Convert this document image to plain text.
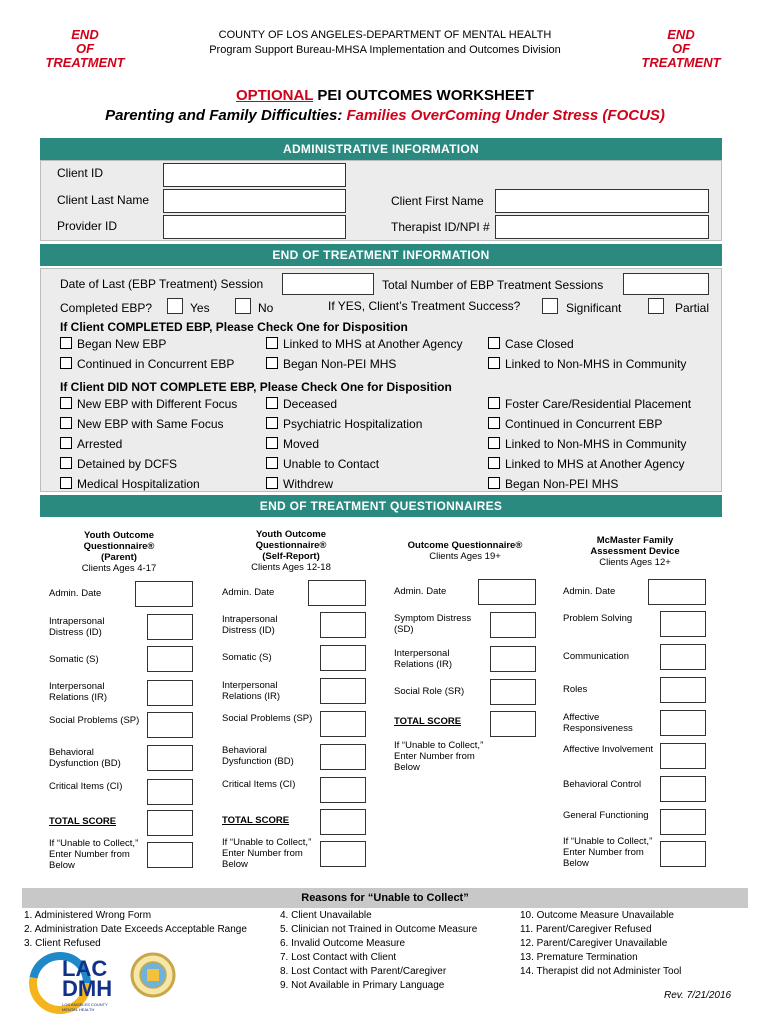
END
OF
TREATMENT
END
OF
TREATMENT
COUNTY OF LOS ANGELES-DEPARTMENT OF MENTAL HEALTH
Program Support Bureau-MHSA Implementation and Outcomes Division
OPTIONAL PEI OUTCOMES WORKSHEET
Parenting and Family Difficulties: Families OverComing Under Stress (FOCUS)
ADMINISTRATIVE INFORMATION
Client ID
Client Last Name	Client First Name
Provider ID	Therapist ID/NPI #
END OF TREATMENT INFORMATION
Date of Last (EBP Treatment) Session	Total Number of EBP Treatment Sessions
Completed EBP?	Yes	No	If YES, Client’s Treatment Success?	Significant	Partial
If Client COMPLETED EBP, Please Check One for Disposition
Began New EBP	Linked to MHS at Another Agency	Case Closed
Continued in Concurrent EBP	Began Non-PEI MHS	Linked to Non-MHS in Community
If Client DID NOT COMPLETE EBP, Please Check One for Disposition
New EBP with Different Focus	Deceased	Foster Care/Residential Placement
New EBP with Same Focus	Psychiatric Hospitalization	Continued in Concurrent EBP
Arrested	Moved	Linked to Non-MHS in Community
Detained by DCFS	Unable to Contact	Linked to MHS at Another Agency
Medical Hospitalization	Withdrew	Began Non-PEI MHS
END OF TREATMENT QUESTIONNAIRES
Youth Outcome
Questionnaire®
(Parent)
Clients Ages 4-17
Youth Outcome
Questionnaire®
(Self-Report)
Clients Ages 12-18
Outcome Questionnaire®
Clients Ages 19+
McMaster Family
Assessment Device
Clients Ages 12+
Admin. Date
Intrapersonal Distress (ID)
Somatic (S)
Interpersonal Relations (IR)
Social Problems (SP)
Behavioral Dysfunction (BD)
Critical Items (CI)
TOTAL SCORE
If “Unable to Collect,” Enter Number from Below
Admin. Date
Intrapersonal Distress (ID)
Somatic (S)
Interpersonal Relations (IR)
Social Problems (SP)
Behavioral Dysfunction (BD)
Critical Items (CI)
TOTAL SCORE
If “Unable to Collect,” Enter Number from Below
Admin. Date
Symptom Distress (SD)
Interpersonal Relations (IR)
Social Role (SR)
TOTAL SCORE
If “Unable to Collect,” Enter Number from Below
Admin. Date
Problem Solving
Communication
Roles
Affective Responsiveness
Affective Involvement
Behavioral Control
General Functioning
If “Unable to Collect,” Enter Number from Below
Reasons for “Unable to Collect”
1. Administered Wrong Form
2. Administration Date Exceeds Acceptable Range
3. Client Refused
4. Client Unavailable
5. Clinician not Trained in Outcome Measure
6. Invalid Outcome Measure
7. Lost Contact with Client
8. Lost Contact with Parent/Caregiver
9. Not Available in Primary Language
10. Outcome Measure Unavailable
11. Parent/Caregiver Refused
12. Parent/Caregiver Unavailable
13. Premature Termination
14. Therapist did not Administer Tool
LAC
DMH
LOS ANGELES COUNTY MENTAL HEALTH
Rev. 7/21/2016
